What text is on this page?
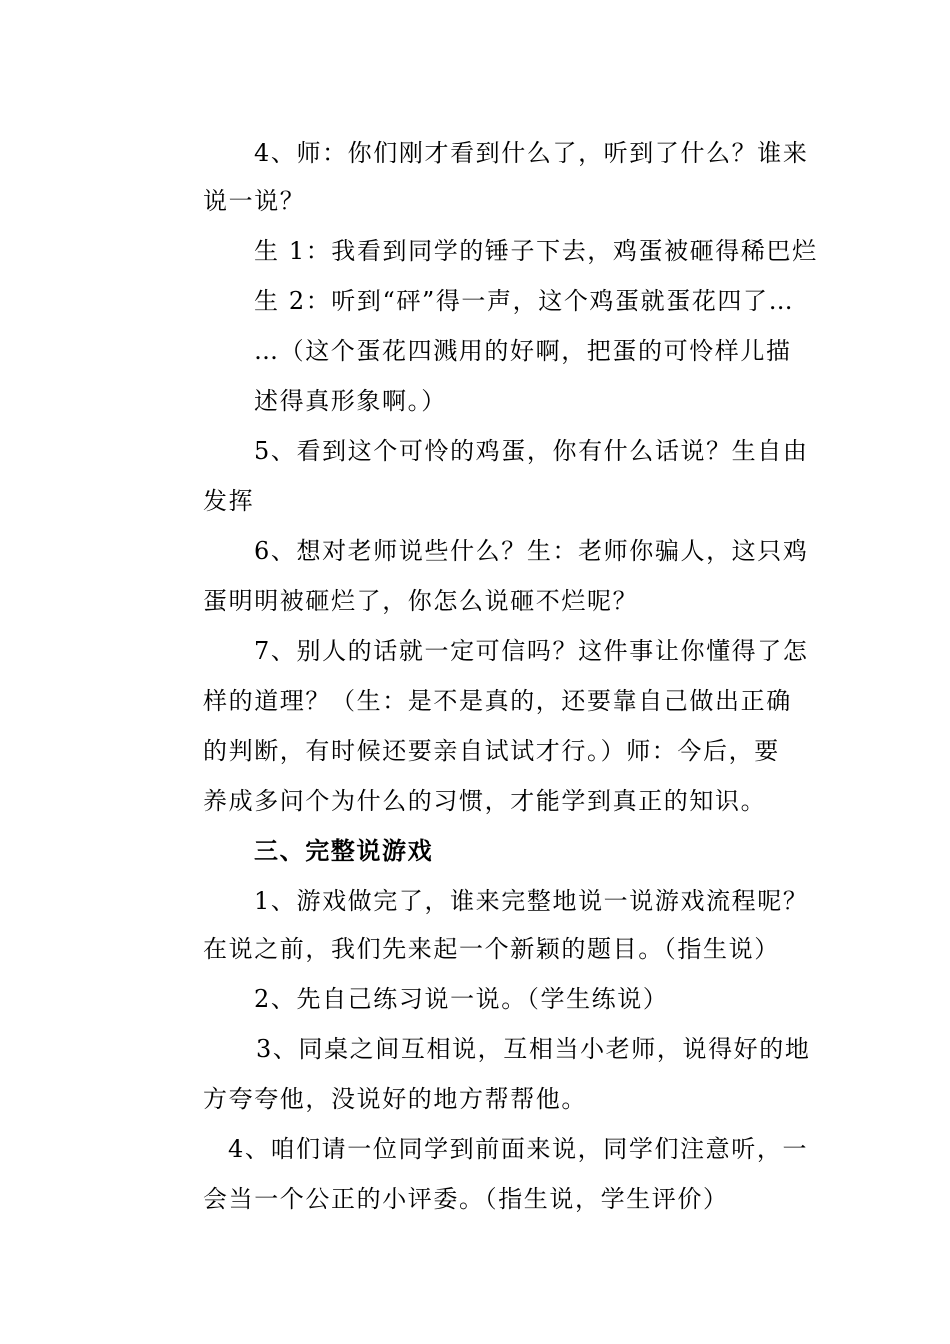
4、师：你们刚才看到什么了，听到了什么？谁来
说一说？
生 1：我看到同学的锤子下去，鸡蛋被砸得稀巴烂
生 2：听到“砰”得一声，这个鸡蛋就蛋花四了…
…（这个蛋花四溅用的好啊，把蛋的可怜样儿描
述得真形象啊。）
5、看到这个可怜的鸡蛋，你有什么话说？生自由
发挥
6、想对老师说些什么？生：老师你骗人，这只鸡
蛋明明被砸烂了，你怎么说砸不烂呢？
7、别人的话就一定可信吗？这件事让你懂得了怎
样的道理？（生：是不是真的，还要靠自己做出正确
的判断，有时候还要亲自试试才行。）师：今后，要
养成多问个为什么的习惯，才能学到真正的知识。
三、完整说游戏
1、游戏做完了，谁来完整地说一说游戏流程呢？
在说之前，我们先来起一个新颖的题目。（指生说）
2、先自己练习说一说。（学生练说）
3、同桌之间互相说，互相当小老师，说得好的地
方夸夸他，没说好的地方帮帮他。
4、咱们请一位同学到前面来说，同学们注意听，一
会当一个公正的小评委。（指生说，学生评价）
